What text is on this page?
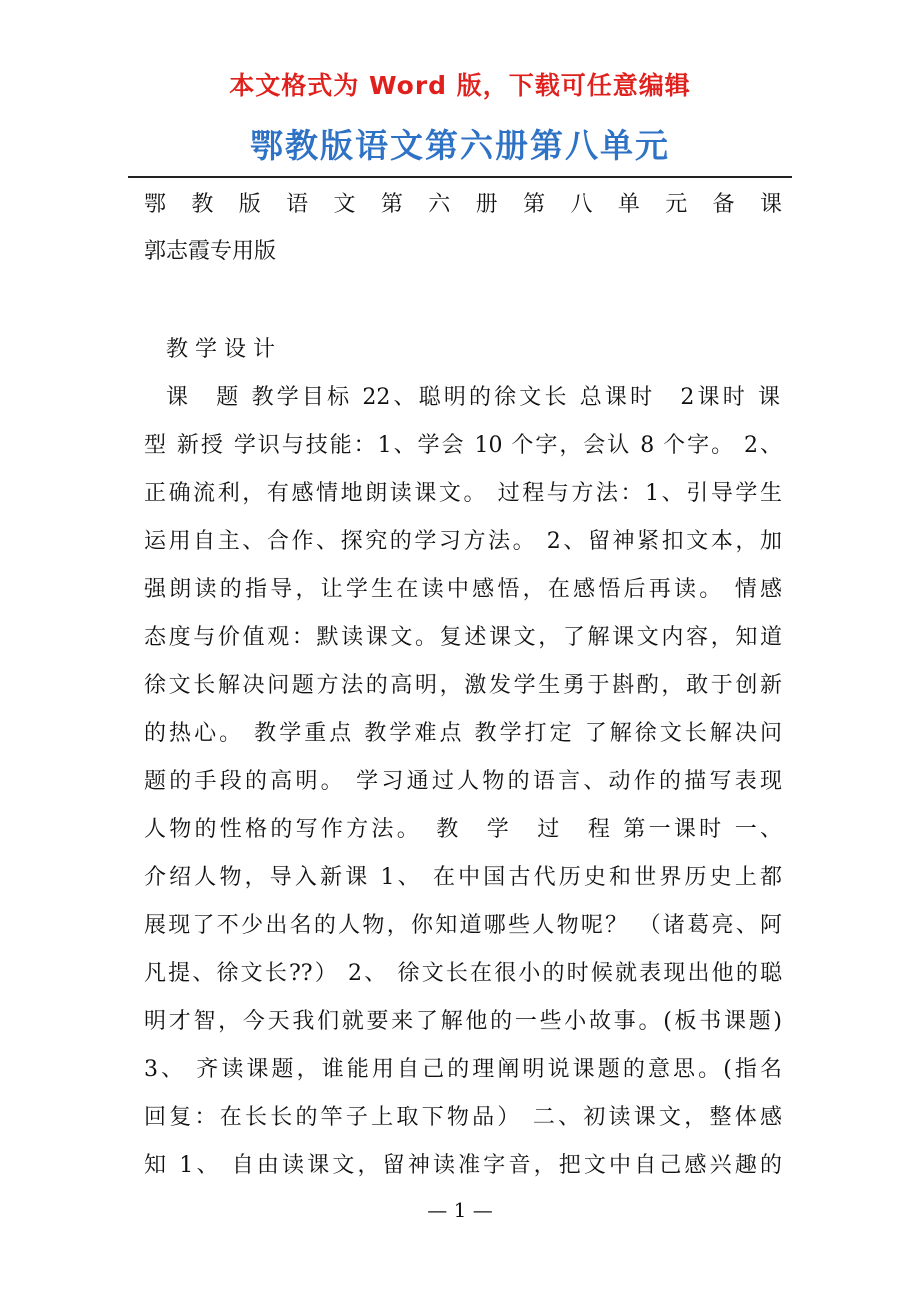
本文格式为 Word 版，下载可任意编辑
鄂教版语文第六册第八单元
鄂 教 版 语 文 第 六 册 第 八 单 元 备 课
郭志霞专用版
教 学 设 计
课　题 教学目标 22、聪明的徐文长 总课时　2课时 课
型 新授 学识与技能：1、学会 10 个字，会认 8 个字。 2、
正确流利，有感情地朗读课文。 过程与方法：1、引导学生
运用自主、合作、探究的学习方法。 2、留神紧扣文本，加
强朗读的指导，让学生在读中感悟，在感悟后再读。 情感
态度与价值观：默读课文。复述课文，了解课文内容，知道
徐文长解决问题方法的高明，激发学生勇于斟酌，敢于创新
的热心。 教学重点 教学难点 教学打定 了解徐文长解决问
题的手段的高明。 学习通过人物的语言、动作的描写表现
人物的性格的写作方法。　教　学　过　程 第一课时 一、
介绍人物，导入新课 1、 在中国古代历史和世界历史上都
展现了不少出名的人物，你知道哪些人物呢？ （诸葛亮、阿
凡提、徐文长??） 2、 徐文长在很小的时候就表现出他的聪
明才智，今天我们就要来了解他的一些小故事。(板书课题)
3、 齐读课题，谁能用自己的理阐明说课题的意思。(指名
回复：在长长的竿子上取下物品） 二、初读课文，整体感
知 1、 自由读课文，留神读准字音，把文中自己感兴趣的
— 1 —
